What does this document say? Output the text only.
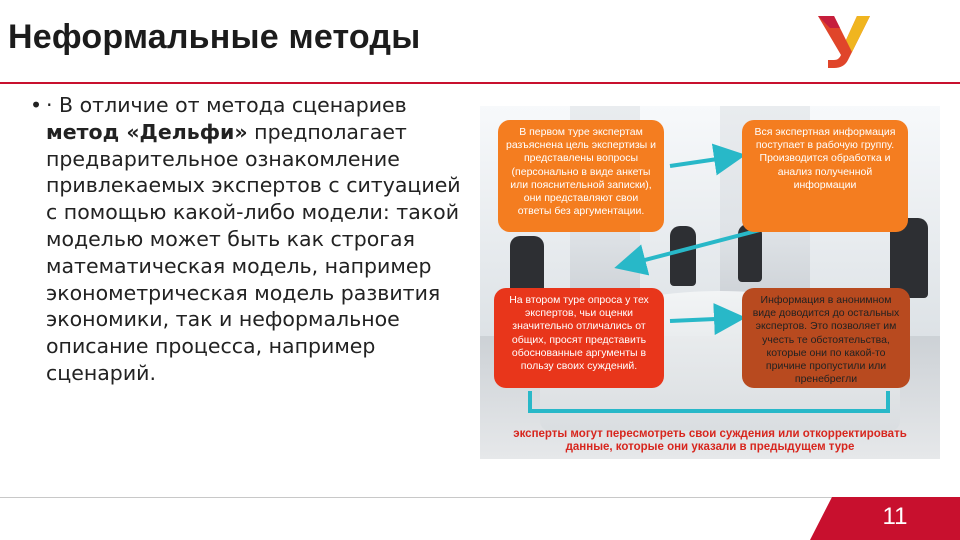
Неформальные методы
• · В отличие от метода сценариев метод «Дельфи» предполагает предварительное ознакомление привлекаемых экспертов с ситуацией с помощью какой-либо модели: такой моделью может быть как строгая математическая модель, например эконометрическая модель развития экономики, так и неформальное описание процесса, например сценарий.
В первом туре экспертам разъяснена цель экспертизы и представлены вопросы (персонально в виде анкеты или пояснительной записки), они представляют свои ответы без аргументации.
Вся экспертная информация поступает в рабочую группу. Производится обработка и анализ полученной информации
На втором туре опроса у тех экспертов, чьи оценки значительно отличались от общих, просят представить обоснованные аргументы в пользу своих суждений.
Информация в анонимном виде доводится до остальных экспертов. Это позволяет им учесть те обстоятельства, которые они по какой-то причине пропустили или пренебрегли
эксперты могут пересмотреть свои суждения или откорректировать данные, которые они указали в предыдущем туре
11
